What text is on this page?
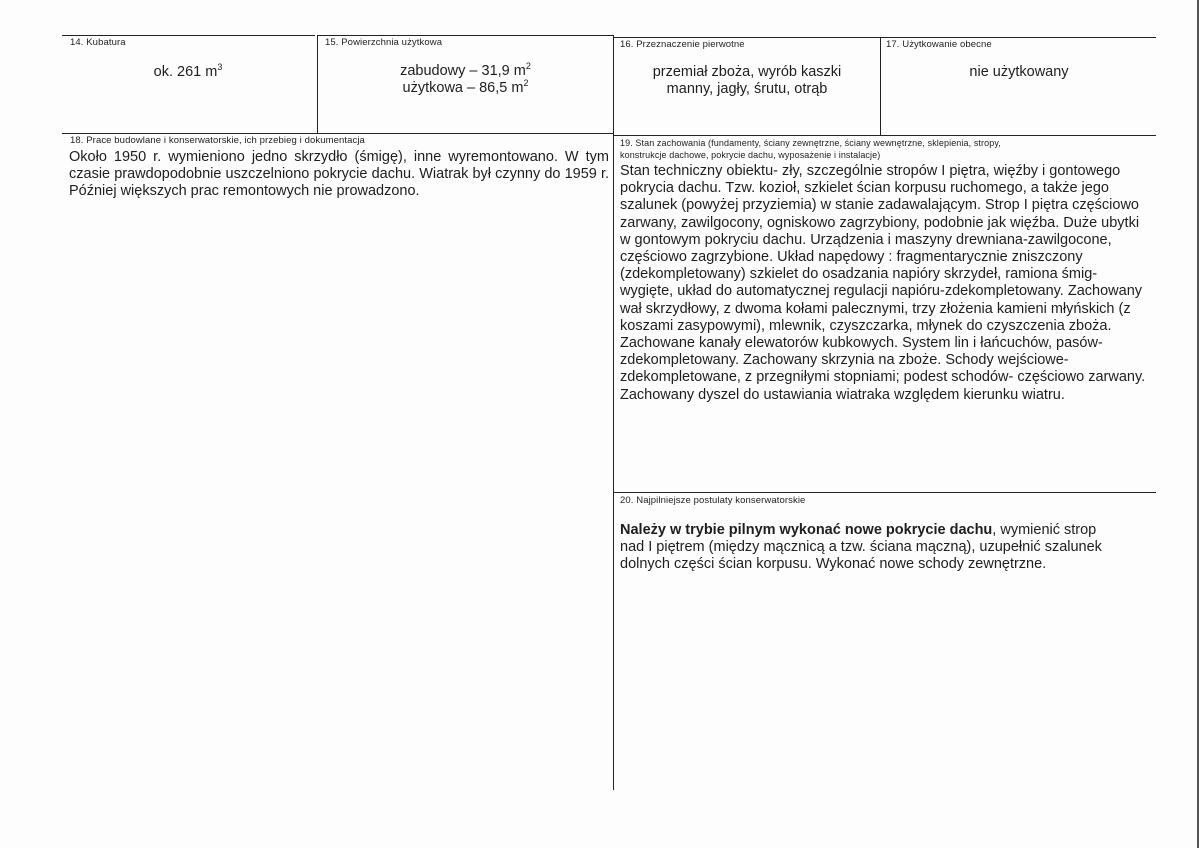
14. Kubatura
ok. 261 $m^3$
15. Powierzchnia użytkowa
zabudowy – 31,9 $m^2$
użytkowa – 86,5 $m^2$
16. Przeznaczenie pierwotne
przemiał zboża, wyrób kaszki
manny, jagły, śrutu, otrąb
17. Użytkowanie obecne
nie użytkowany
18. Prace budowlane i konserwatorskie, ich przebieg i dokumentacja
Około 1950 r. wymieniono jedno skrzydło (śmigę), inne wyremontowano. W tym czasie prawdopodobnie uszczelniono pokrycie dachu. Wiatrak był czynny do 1959 r. Później większych prac remontowych nie prowadzono.
19. Stan zachowania (fundamenty, ściany zewnętrzne, ściany wewnętrzne, sklepienia, stropy,
konstrukcje dachowe, pokrycie dachu, wyposażenie i instalacje)
Stan techniczny obiektu- zły, szczególnie stropów I piętra, więźby i gontowego pokrycia dachu. Tzw. kozioł, szkielet ścian korpusu ruchomego, a także jego szalunek (powyżej przyziemia) w stanie zadawalającym. Strop I piętra częściowo zarwany, zawilgocony, ogniskowo zagrzybiony, podobnie jak więźba. Duże ubytki w gontowym pokryciu dachu. Urządzenia i maszyny drewniana-zawilgocone, częściowo zagrzybione. Układ napędowy : fragmentarycznie zniszczony (zdekompletowany) szkielet do osadzania napiórу skrzydeł, ramiona śmig- wygięte, układ do automatycznej regulacji napióru-zdekompletowany. Zachowany wał skrzydłowy, z dwoma kołami palecznymi, trzy złożenia kamieni młyńskich (z koszami zasypowymi), mlewnik, czyszczarka, młynek do czyszczenia zboża. Zachowane kanały elewatorów kubkowych. System lin i łańcuchów, pasów- zdekompletowany. Zachowany skrzynia na zboże. Schody wejściowe- zdekompletowane, z przegniłymi stopniami; podest schodów- częściowo zarwany. Zachowany dyszel do ustawiania wiatraka względem kierunku wiatru.
20. Najpilniejsze postulaty konserwatorskie
Należy w trybie pilnym wykonać nowe pokrycie dachu, wymienić strop nad I piętrem (między mącznicą a tzw. ściana mączną), uzupełnić szalunek dolnych części ścian korpusu. Wykonać nowe schody zewnętrzne.
